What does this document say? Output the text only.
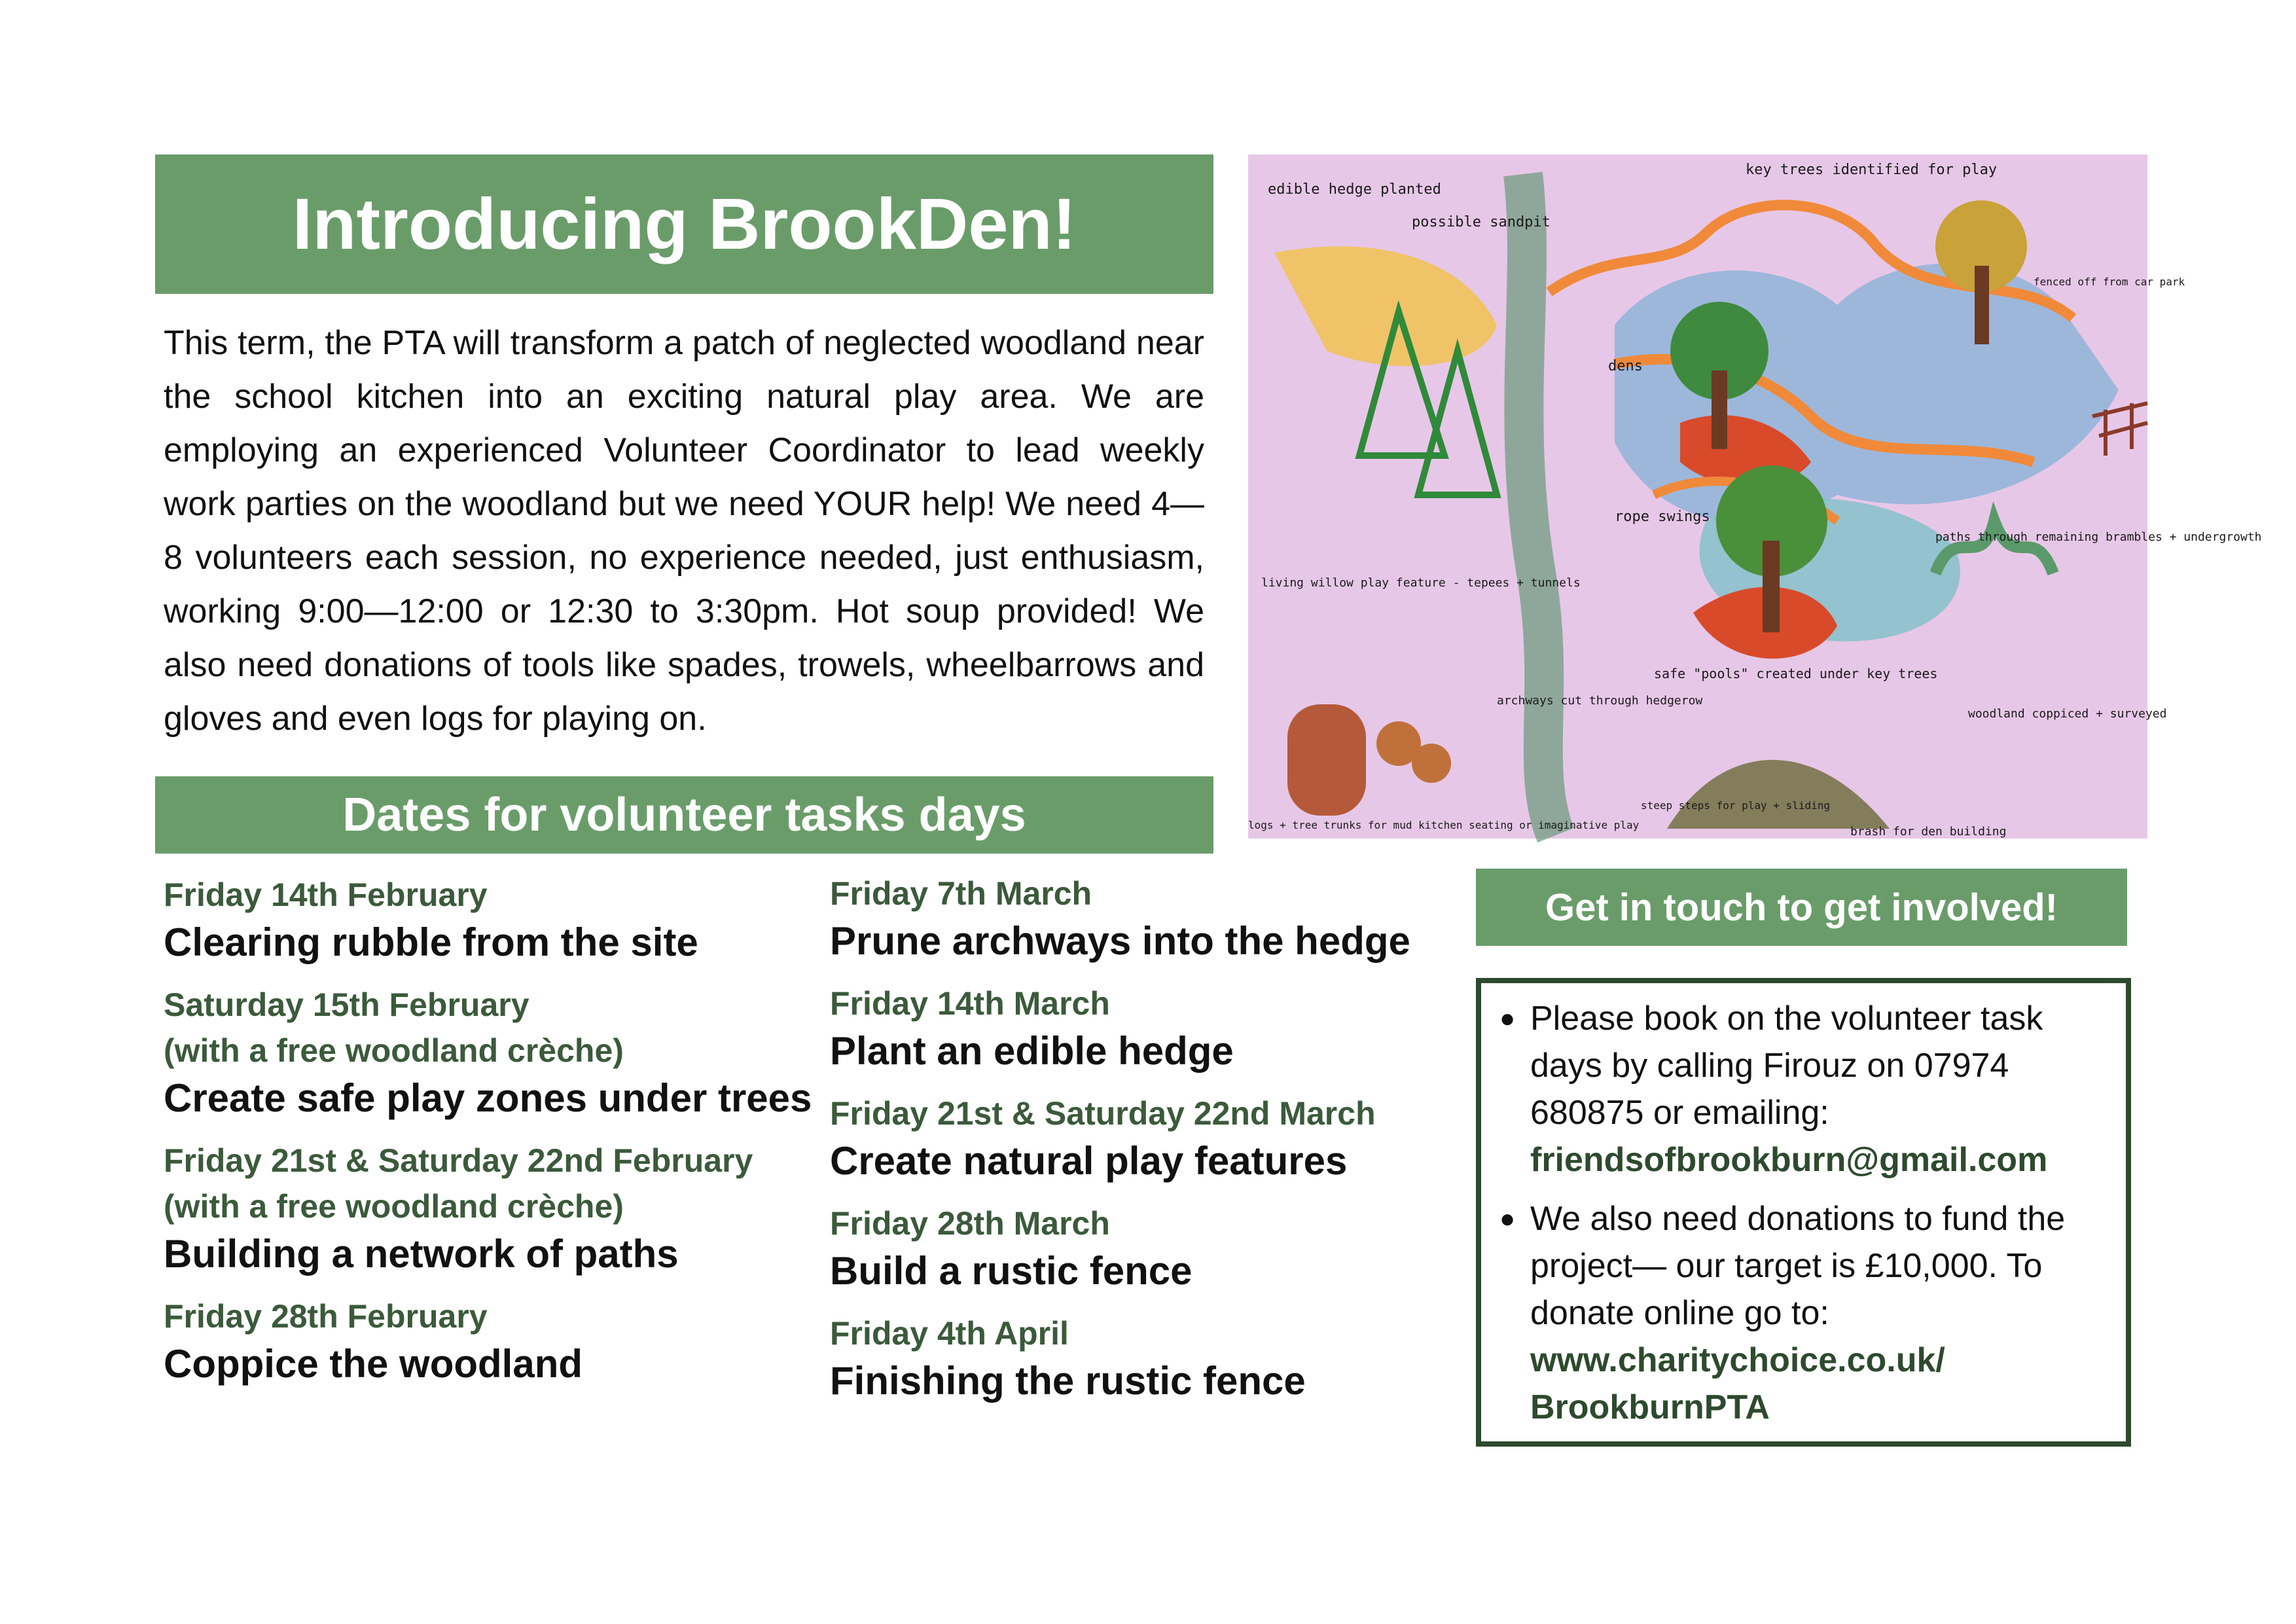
Introducing BrookDen!

This term, the PTA will transform a patch of neglected woodland near the school kitchen into an exciting natural play area. We are employing an experienced Volunteer Coordinator to lead weekly work parties on the woodland but we need YOUR help! We need 4—8 volunteers each session, no experience needed, just enthusiasm, working 9:00—12:00 or 12:30 to 3:30pm. Hot soup provided! We also need donations of tools like spades, trowels, wheelbarrows and gloves and even logs for playing on.

edible hedge planted
possible sandpit
key trees identified for play
fenced off from car park
dens
rope swings
paths through remaining brambles + undergrowth
living willow play feature - tepees + tunnels
safe "pools" created under key trees
archways cut through hedgerow
logs + tree trunks for mud kitchen seating or imaginative play
steep steps for play + sliding
woodland coppiced + surveyed
brash for den building
Dates for volunteer tasks days
Friday 14th February
Clearing rubble from the site
Saturday 15th February
(with a free woodland crèche)
Create safe play zones under trees
Friday 21st & Saturday 22nd February
(with a free woodland crèche)
Building a network of paths
Friday 28th February
Coppice the woodland
Friday 7th March
Prune archways into the hedge
Friday 14th March
Plant an edible hedge
Friday 21st & Saturday 22nd March
Create natural play features
Friday 28th March
Build a rustic fence
Friday 4th April
Finishing the rustic fence
Get in touch to get involved!
● Please book on the volunteer task days by calling Firouz on 07974 680875 or emailing:
friendsofbrookburn@gmail.com
● We also need donations to fund the project— our target is £10,000. To donate online go to:
www.charitychoice.co.uk/
BrookburnPTA
